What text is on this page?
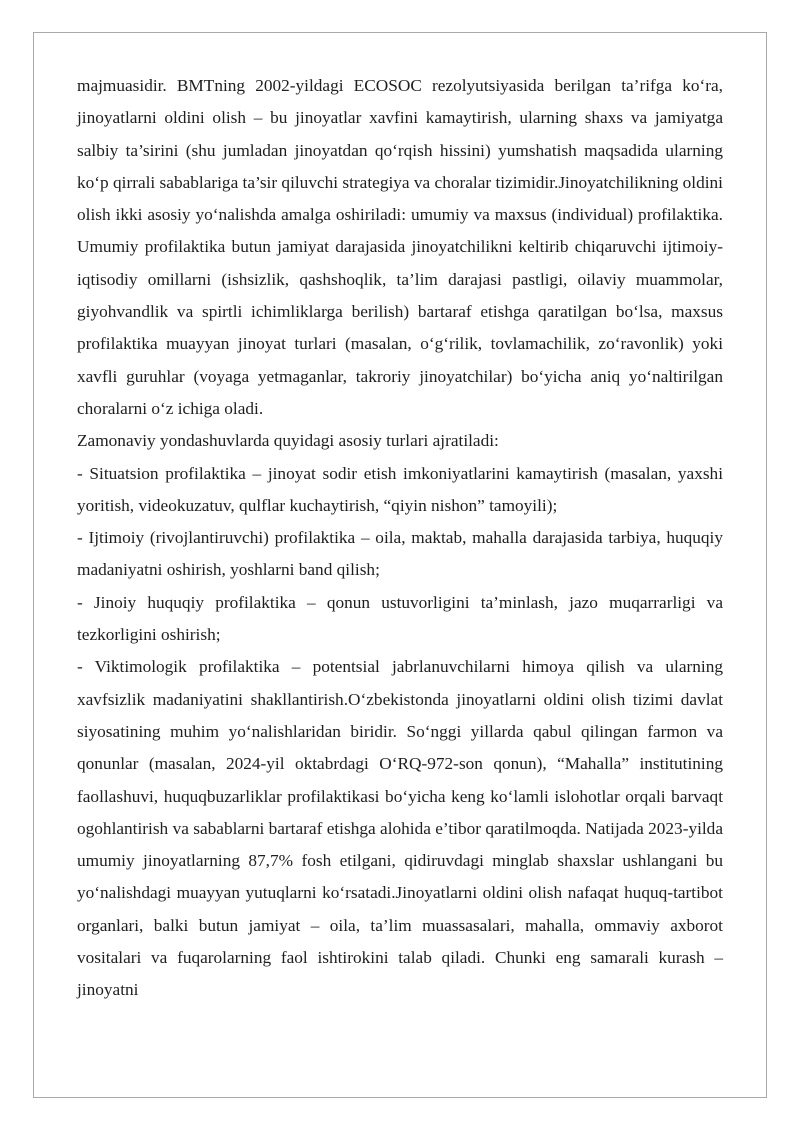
majmuasidir. BMTning 2002-yildagi ECOSOC rezolyutsiyasida berilgan ta’rifga ko‘ra, jinoyatlarni oldini olish – bu jinoyatlar xavfini kamaytirish, ularning shaxs va jamiyatga salbiy ta’sirini (shu jumladan jinoyatdan qo‘rqish hissini) yumshatish maqsadida ularning ko‘p qirrali sabablariga ta’sir qiluvchi strategiya va choralar tizimidir.Jinoyatchilikning oldini olish ikki asosiy yo‘nalishda amalga oshiriladi: umumiy va maxsus (individual) profilaktika. Umumiy profilaktika butun jamiyat darajasida jinoyatchilikni keltirib chiqaruvchi ijtimoiy-iqtisodiy omillarni (ishsizlik, qashshoqlik, ta’lim darajasi pastligi, oilaviy muammolar, giyohvandlik va spirtli ichimliklarga berilish) bartaraf etishga qaratilgan bo‘lsa, maxsus profilaktika muayyan jinoyat turlari (masalan, o‘g‘rilik, tovlamachilik, zo‘ravonlik) yoki xavfli guruhlar (voyaga yetmaganlar, takroriy jinoyatchilar) bo‘yicha aniq yo‘naltirilgan choralarni o‘z ichiga oladi.

Zamonaviy yondashuvlarda quyidagi asosiy turlari ajratiladi:

- Situatsion profilaktika – jinoyat sodir etish imkoniyatlarini kamaytirish (masalan, yaxshi yoritish, videokuzatuv, qulflar kuchaytirish, “qiyin nishon” tamoyili);

- Ijtimoiy (rivojlantiruvchi) profilaktika – oila, maktab, mahalla darajasida tarbiya, huquqiy madaniyatni oshirish, yoshlarni band qilish;

- Jinoiy huquqiy profilaktika – qonun ustuvorligini ta’minlash, jazo muqarrarligi va tezkorligini oshirish;

- Viktimologik profilaktika – potentsial jabrlanuvchilarni himoya qilish va ularning xavfsizlik madaniyatini shakllantirish.O‘zbekistonda jinoyatlarni oldini olish tizimi davlat siyosatining muhim yo‘nalishlaridan biridir. So‘nggi yillarda qabul qilingan farmon va qonunlar (masalan, 2024-yil oktabrdagi O‘RQ-972-son qonun), “Mahalla” institutining faollashuvi, huquqbuzarliklar profilaktikasi bo‘yicha keng ko‘lamli islohotlar orqali barvaqt ogohlantirish va sabablarni bartaraf etishga alohida e’tibor qaratilmoqda. Natijada 2023-yilda umumiy jinoyatlarning 87,7% fosh etilgani, qidiruvdagi minglab shaxslar ushlangani bu yo‘nalishdagi muayyan yutuqlarni ko‘rsatadi.Jinoyatlarni oldini olish nafaqat huquq-tartibot organlari, balki butun jamiyat – oila, ta’lim muassasalari, mahalla, ommaviy axborot vositalari va fuqarolarning faol ishtirokini talab qiladi. Chunki eng samarali kurash – jinoyatni
